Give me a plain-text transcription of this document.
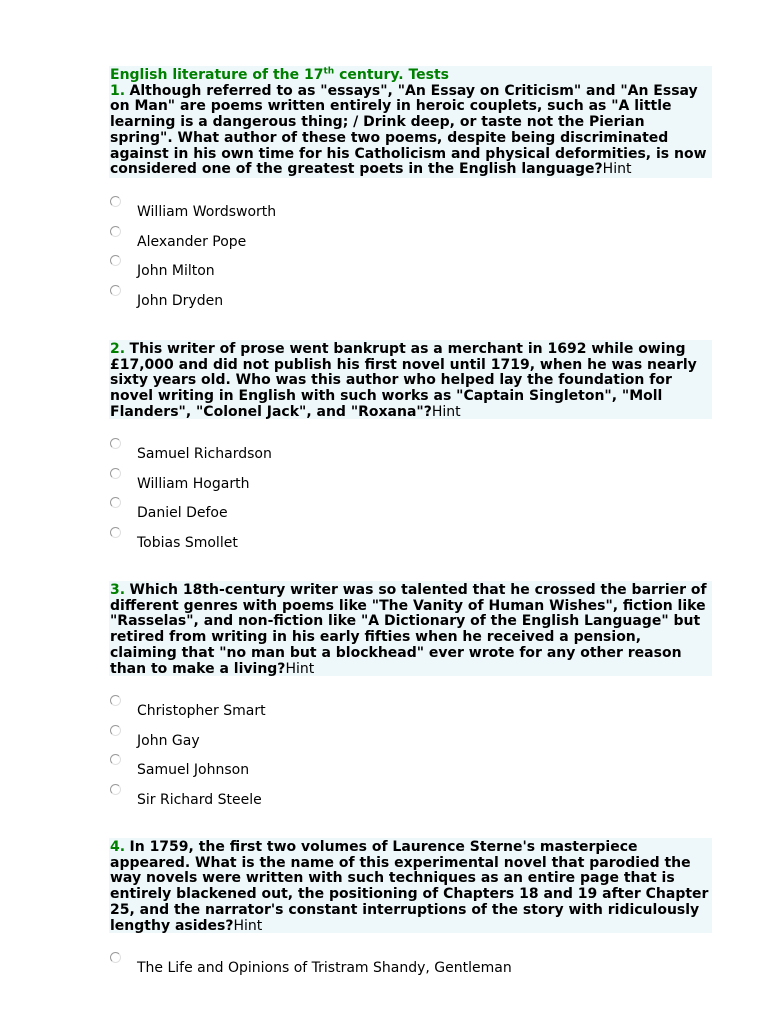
English literature of the 17th century. Tests
1. Although referred to as "essays", "An Essay on Criticism" and "An Essay on Man" are poems written entirely in heroic couplets, such as "A little learning is a dangerous thing; / Drink deep, or taste not the Pierian spring". What author of these two poems, despite being discriminated against in his own time for his Catholicism and physical deformities, is now considered one of the greatest poets in the English language?Hint
William Wordsworth
Alexander Pope
John Milton
John Dryden
2. This writer of prose went bankrupt as a merchant in 1692 while owing £17,000 and did not publish his first novel until 1719, when he was nearly sixty years old. Who was this author who helped lay the foundation for novel writing in English with such works as "Captain Singleton", "Moll Flanders", "Colonel Jack", and "Roxana"?Hint
Samuel Richardson
William Hogarth
Daniel Defoe
Tobias Smollet
3. Which 18th-century writer was so talented that he crossed the barrier of different genres with poems like "The Vanity of Human Wishes", fiction like "Rasselas", and non-fiction like "A Dictionary of the English Language" but retired from writing in his early fifties when he received a pension, claiming that "no man but a blockhead" ever wrote for any other reason than to make a living?Hint
Christopher Smart
John Gay
Samuel Johnson
Sir Richard Steele
4. In 1759, the first two volumes of Laurence Sterne's masterpiece appeared. What is the name of this experimental novel that parodied the way novels were written with such techniques as an entire page that is entirely blackened out, the positioning of Chapters 18 and 19 after Chapter 25, and the narrator's constant interruptions of the story with ridiculously lengthy asides?Hint
The Life and Opinions of Tristram Shandy, Gentleman
